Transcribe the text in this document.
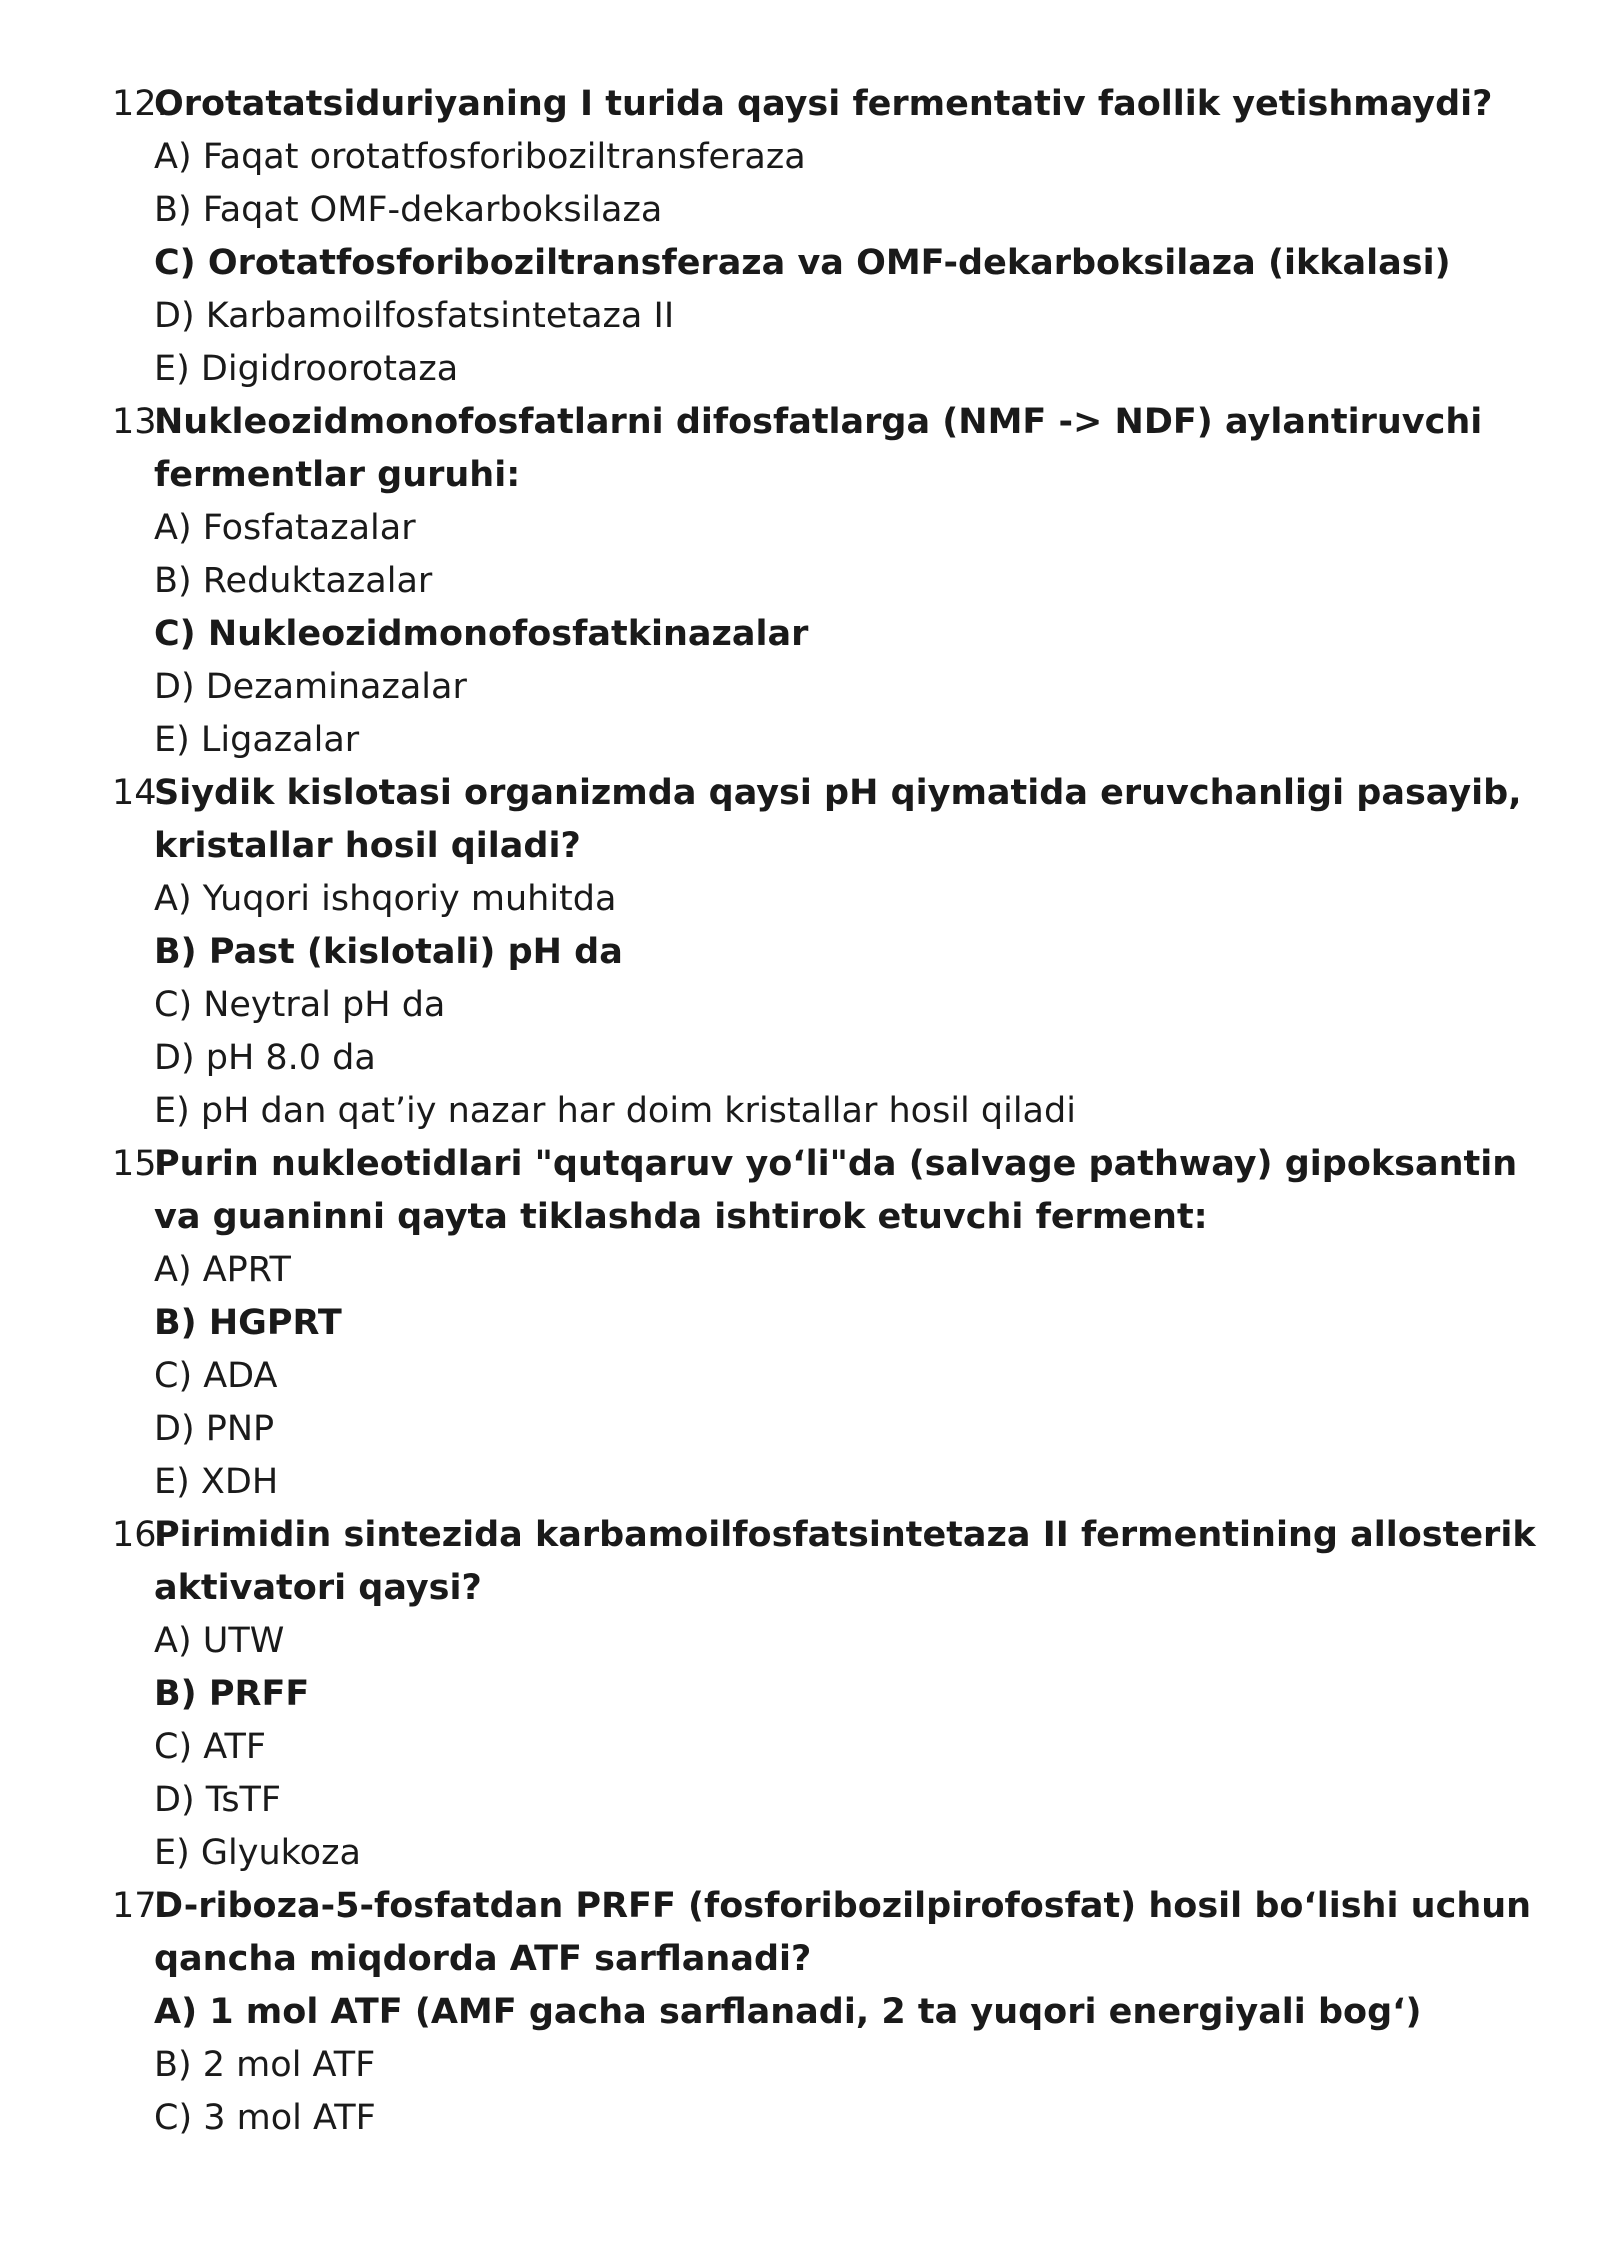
12.
Orotatatsiduriyaning I turida qaysi fermentativ faollik yetishmaydi?
A) Faqat orotatfosforiboziltransferaza
B) Faqat OMF-dekarboksilaza
C) Orotatfosforiboziltransferaza va OMF-dekarboksilaza (ikkalasi)
D) Karbamoilfosfatsintetaza II
E) Digidroorotaza
13.
Nukleozidmonofosfatlarni difosfatlarga (NMF -> NDF) aylantiruvchi fermentlar guruhi:
A) Fosfatazalar
B) Reduktazalar
C) Nukleozidmonofosfatkinazalar
D) Dezaminazalar
E) Ligazalar
14.
Siydik kislotasi organizmda qaysi pH qiymatida eruvchanligi pasayib, kristallar hosil qiladi?
A) Yuqori ishqoriy muhitda
B) Past (kislotali) pH da
C) Neytral pH da
D) pH 8.0 da
E) pH dan qat’iy nazar har doim kristallar hosil qiladi
15.
Purin nukleotidlari "qutqaruv yo‘li"da (salvage pathway) gipoksantin va guaninni qayta tiklashda ishtirok etuvchi ferment:
A) APRT
B) HGPRT
C) ADA
D) PNP
E) XDH
16.
Pirimidin sintezida karbamoilfosfatsintetaza II fermentining allosterik aktivatori qaysi?
A) UTW
B) PRFF
C) ATF
D) TsTF
E) Glyukoza
17.
D-riboza-5-fosfatdan PRFF (fosforibozilpirofosfat) hosil bo‘lishi uchun qancha miqdorda ATF sarflanadi?
A) 1 mol ATF (AMF gacha sarflanadi, 2 ta yuqori energiyali bog‘)
B) 2 mol ATF
C) 3 mol ATF
